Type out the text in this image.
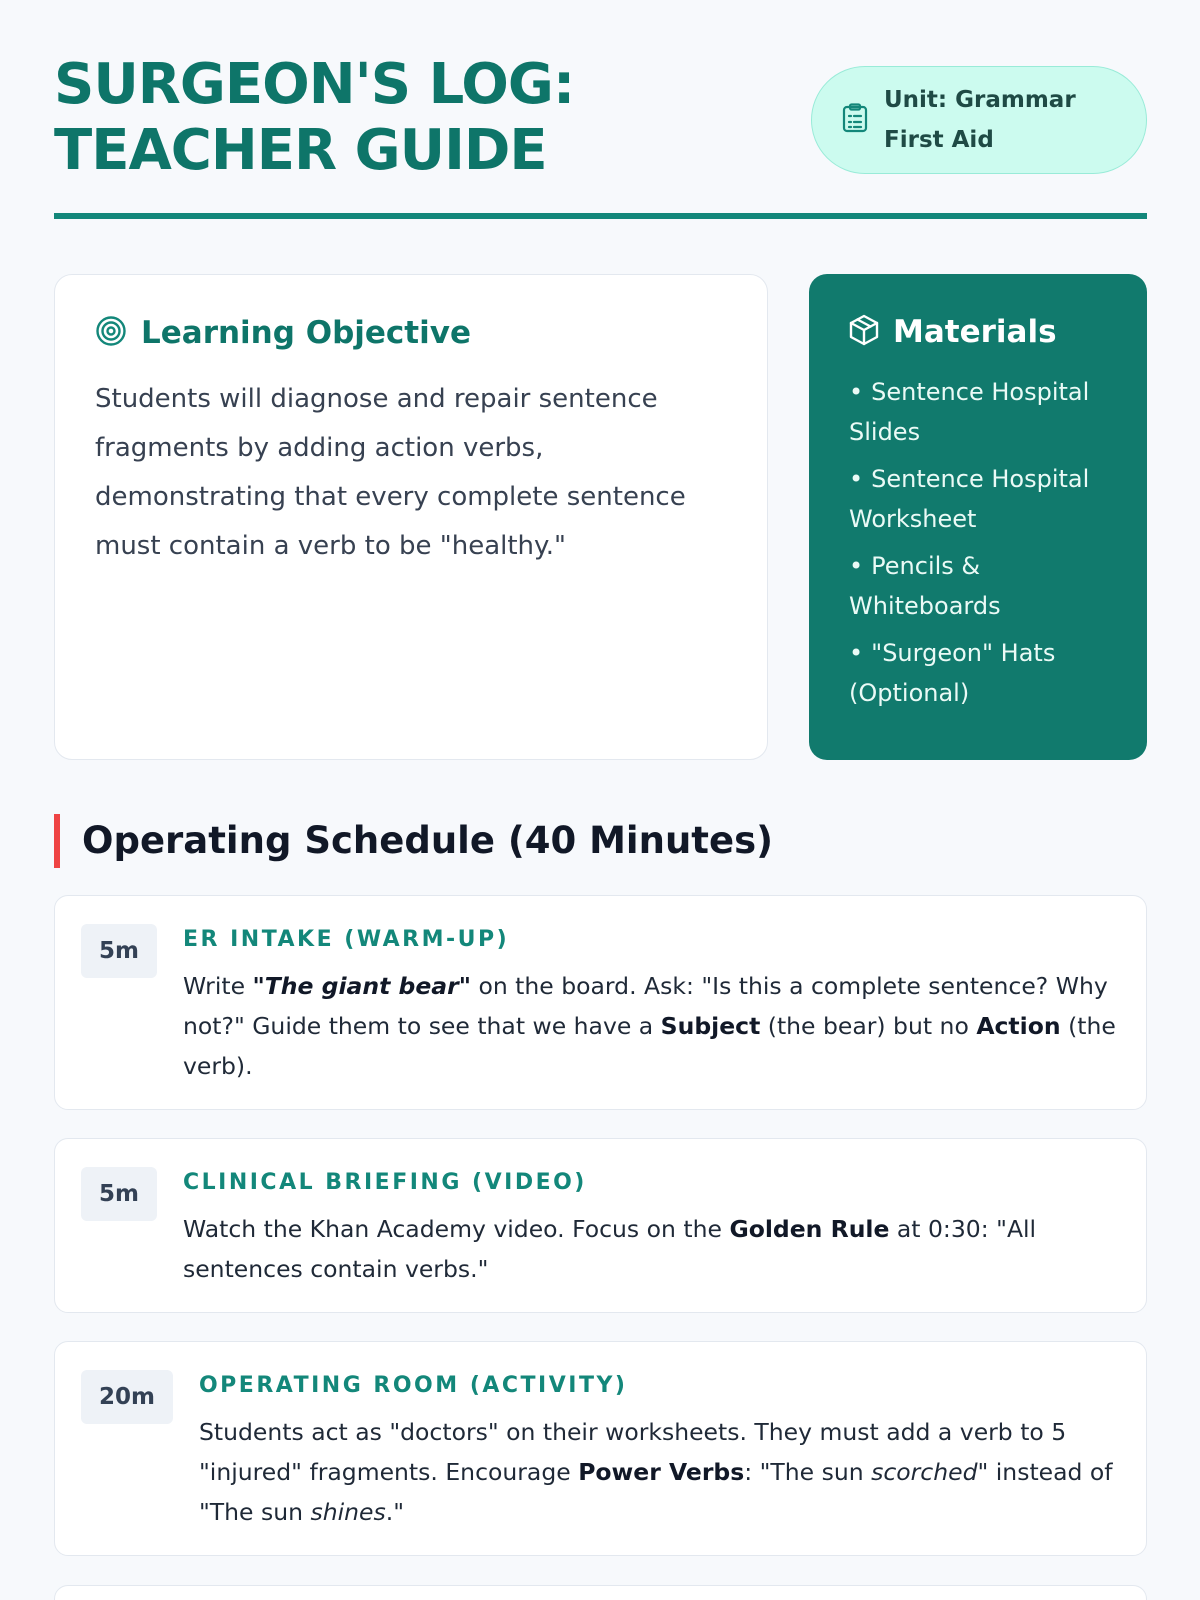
SURGEON'S LOG: TEACHER GUIDE
Unit: Grammar First Aid
Learning Objective

Students will diagnose and repair sentence fragments by adding action verbs, demonstrating that every complete sentence must contain a verb to be "healthy."

Materials
• Sentence Hospital Slides
• Sentence Hospital Worksheet
• Pencils & Whiteboards
• "Surgeon" Hats (Optional)
Operating Schedule (40 Minutes)
5m	ER INTAKE (WARM-UP)

Write "The giant bear" on the board. Ask: "Is this a complete sentence? Why not?" Guide them to see that we have a Subject (the bear) but no Action (the verb).

5m	CLINICAL BRIEFING (VIDEO)

Watch the Khan Academy video. Focus on the Golden Rule at 0:30: "All sentences contain verbs."

20m	OPERATING ROOM (ACTIVITY)

Students act as "doctors" on their worksheets. They must add a verb to 5 "injured" fragments. Encourage Power Verbs: "The sun scorched" instead of "The sun shines."
